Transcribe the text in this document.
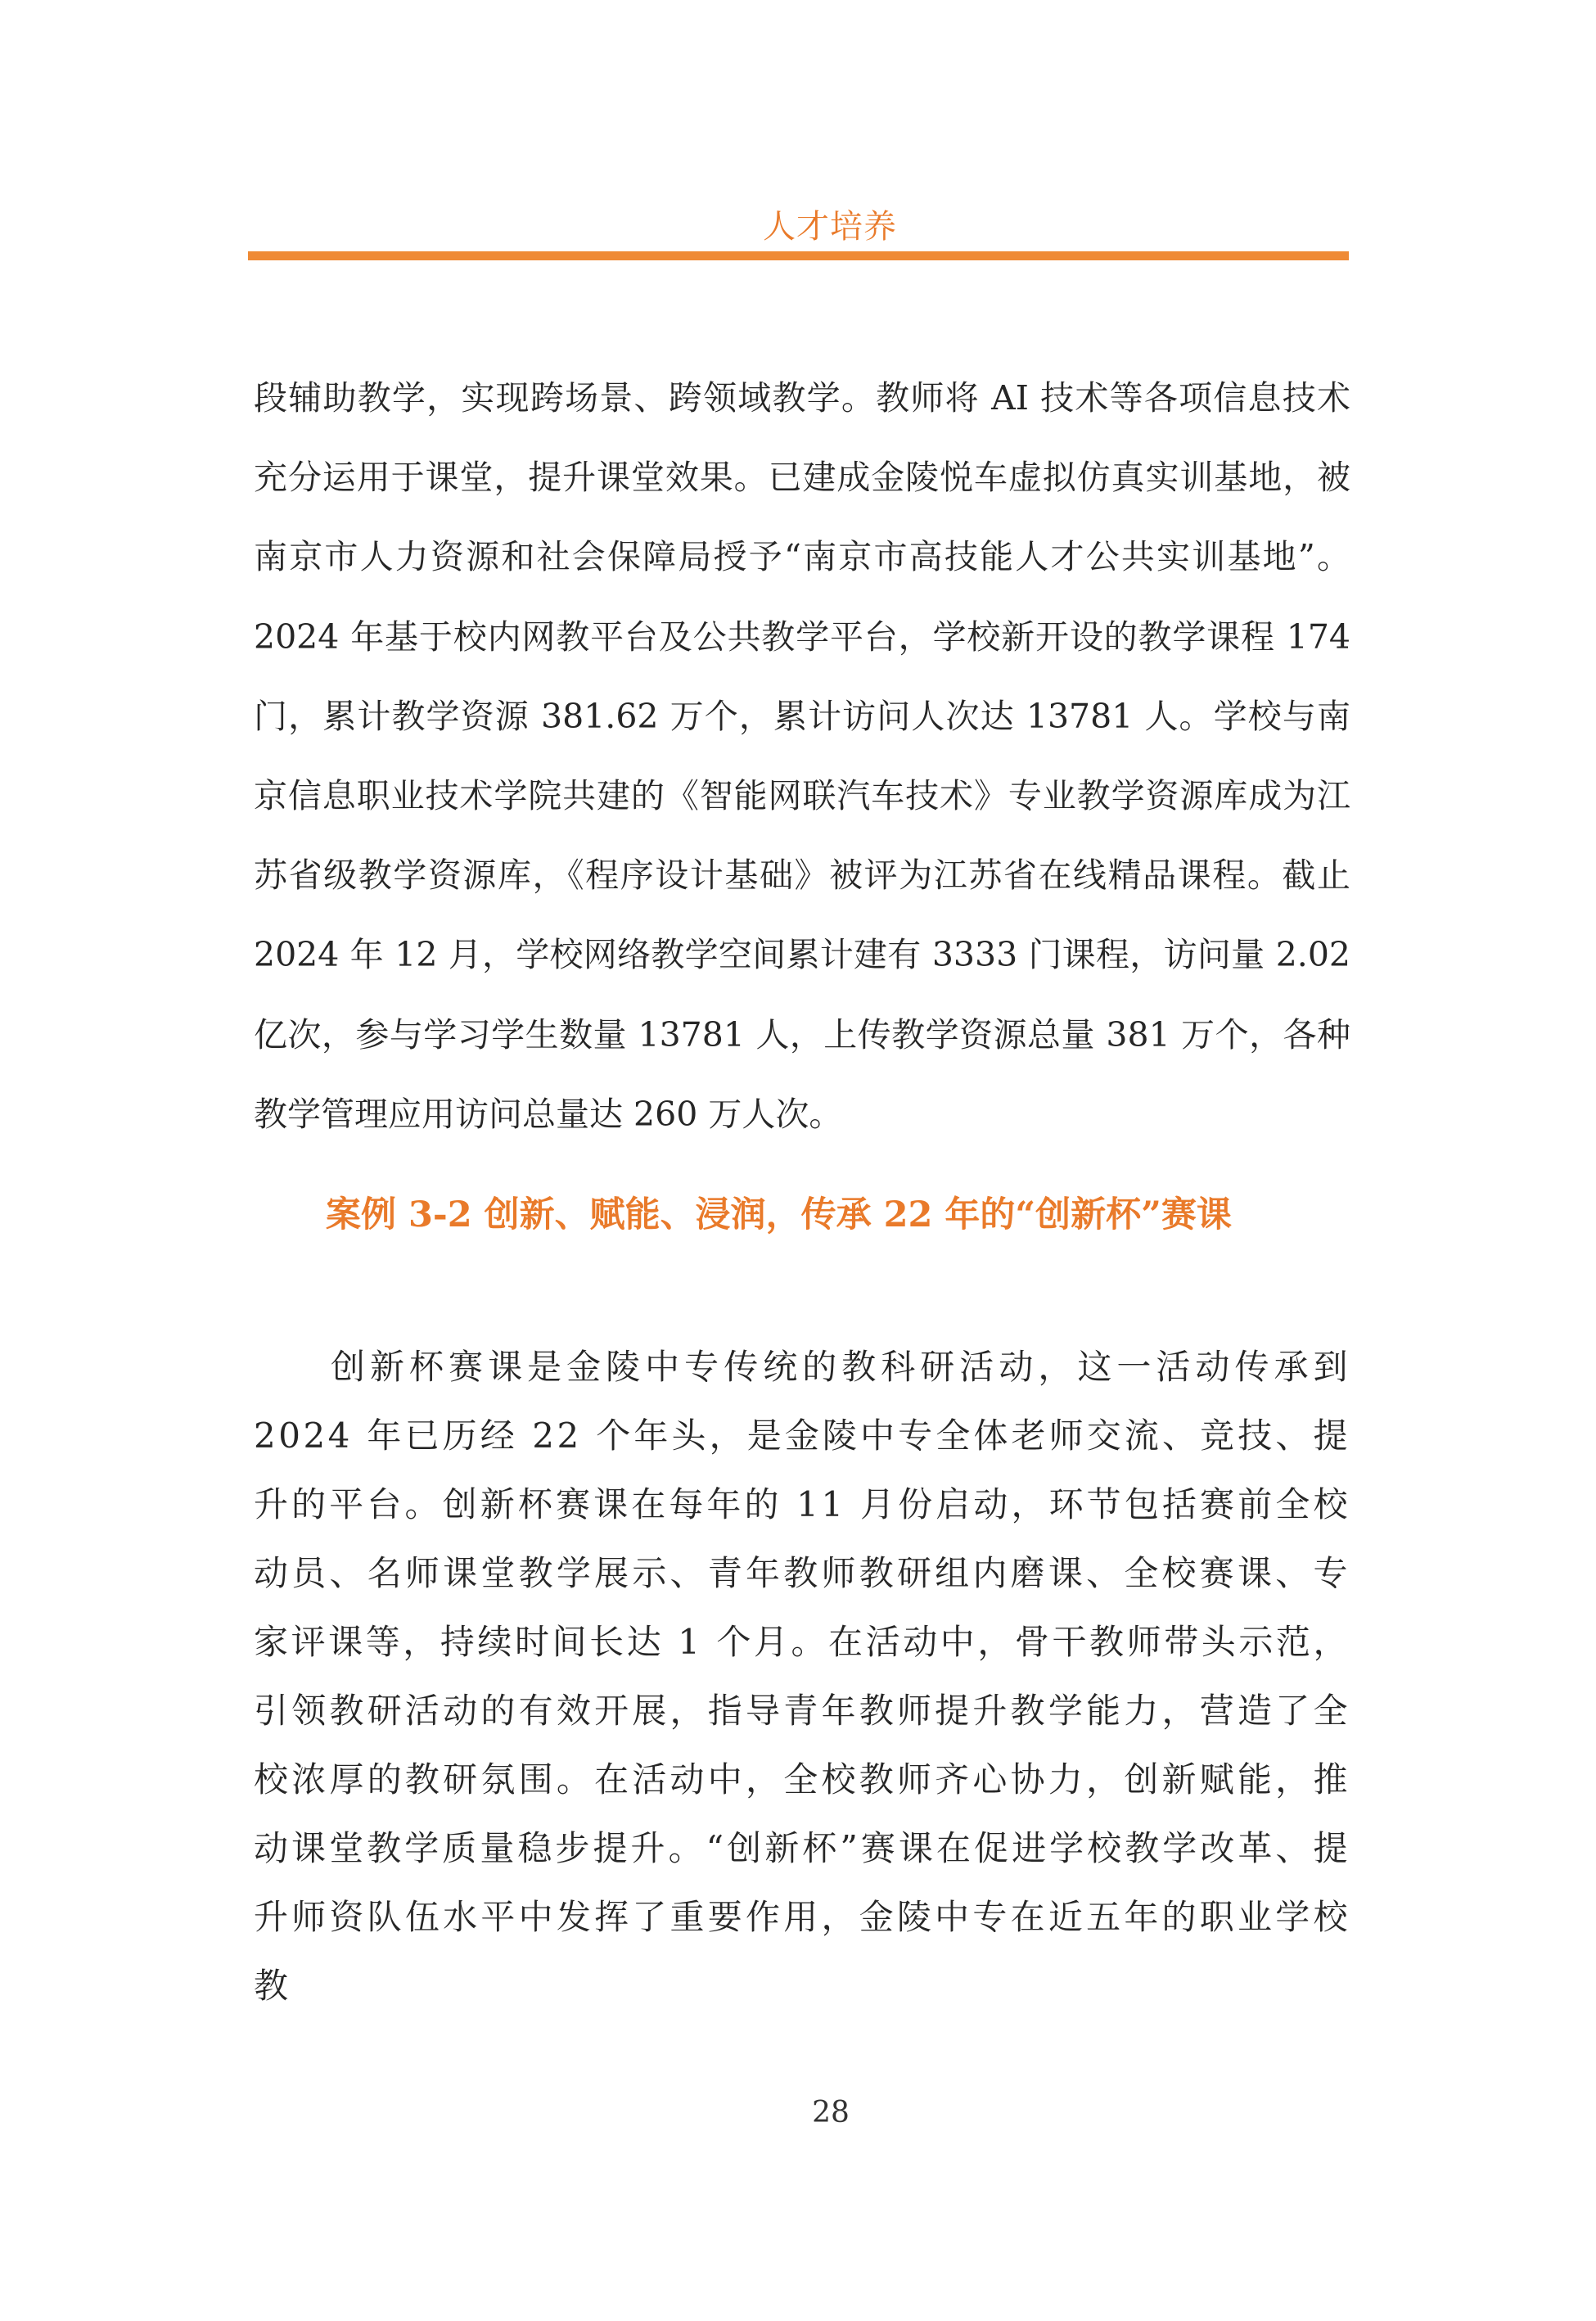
人才培养

段辅助教学，实现跨场景、跨领域教学。教师将 AI 技术等各项信息技术充分运用于课堂，提升课堂效果。已建成金陵悦车虚拟仿真实训基地，被南京市人力资源和社会保障局授予“南京市高技能人才公共实训基地”。2024 年基于校内网教平台及公共教学平台，学校新开设的教学课程 174 门，累计教学资源 381.62 万个，累计访问人次达 13781 人。学校与南京信息职业技术学院共建的《智能网联汽车技术》专业教学资源库成为江苏省级教学资源库，《程序设计基础》被评为江苏省在线精品课程。截止 2024 年 12 月，学校网络教学空间累计建有 3333 门课程，访问量 2.02 亿次，参与学习学生数量 13781 人，上传教学资源总量 381 万个，各种教学管理应用访问总量达 260 万人次。

案例 3-2 创新、赋能、浸润，传承 22 年的“创新杯”赛课

创新杯赛课是金陵中专传统的教科研活动，这一活动传承到 2024 年已历经 22 个年头，是金陵中专全体老师交流、竞技、提升的平台。创新杯赛课在每年的 11 月份启动，环节包括赛前全校动员、名师课堂教学展示、青年教师教研组内磨课、全校赛课、专家评课等，持续时间长达 1 个月。在活动中，骨干教师带头示范，引领教研活动的有效开展，指导青年教师提升教学能力，营造了全校浓厚的教研氛围。在活动中，全校教师齐心协力，创新赋能，推动课堂教学质量稳步提升。“创新杯”赛课在促进学校教学改革、提升师资队伍水平中发挥了重要作用，金陵中专在近五年的职业学校教

28
